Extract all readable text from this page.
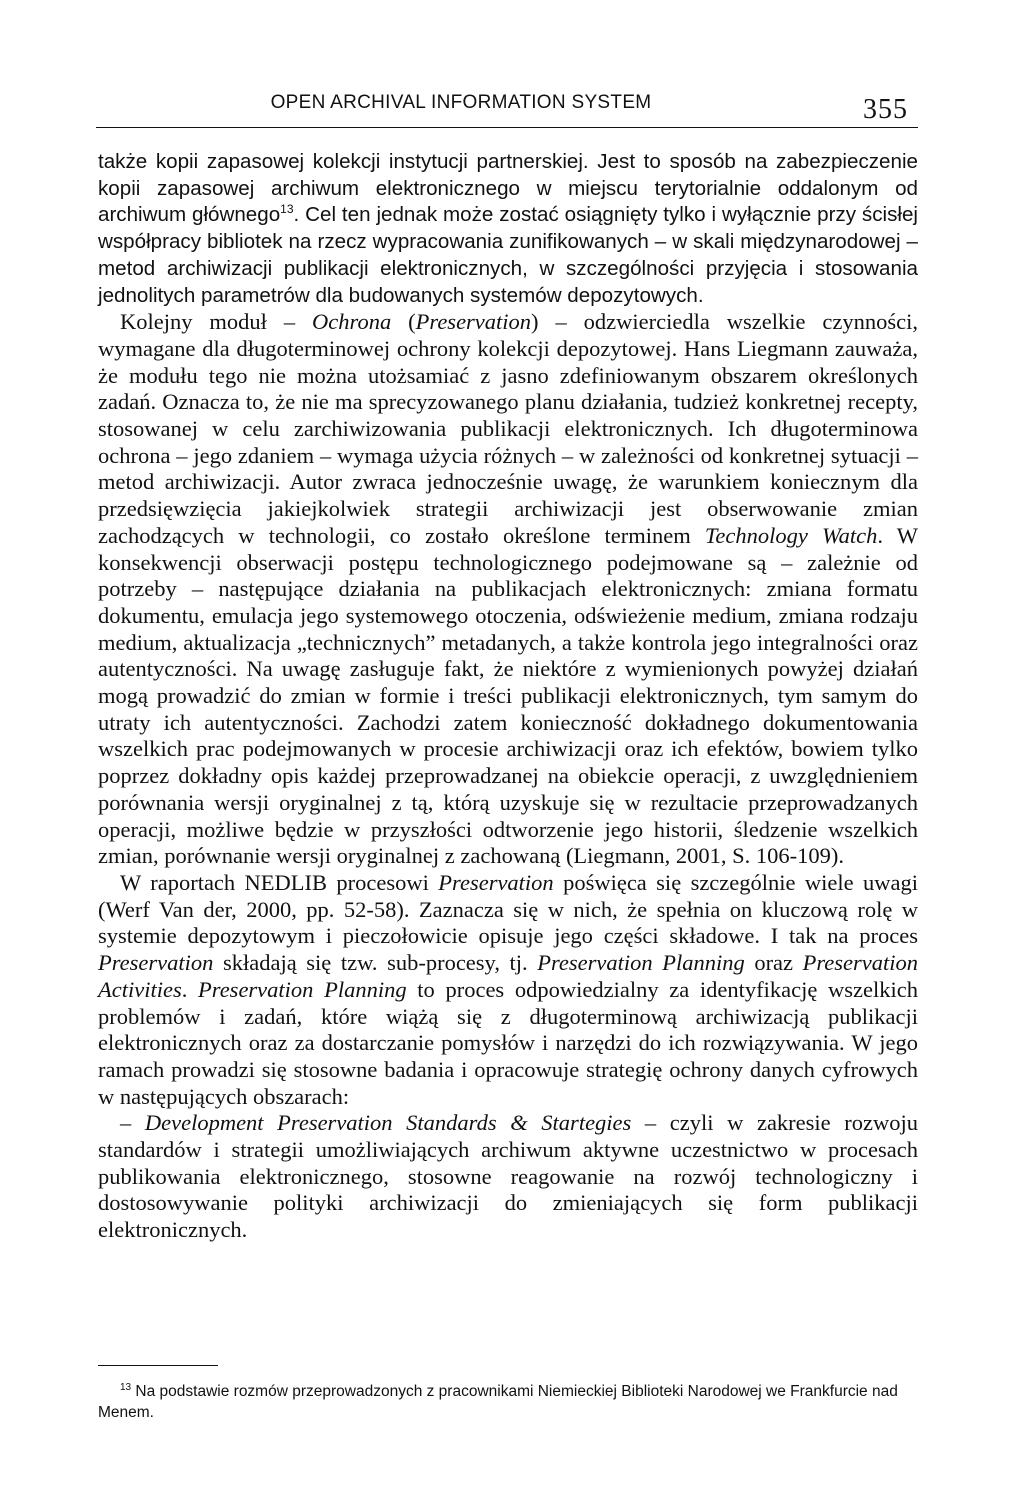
OPEN ARCHIVAL INFORMATION SYSTEM	355

także kopii zapasowej kolekcji instytucji partnerskiej. Jest to sposób na zabezpieczenie kopii zapasowej archiwum elektronicznego w miejscu terytorialnie oddalonym od archiwum głównego$^{13}$. Cel ten jednak może zostać osiągnięty tylko i wyłącznie przy ścisłej współpracy bibliotek na rzecz wypracowania zunifikowanych – w skali międzynarodowej – metod archiwizacji publikacji elektronicznych, w szczególności przyjęcia i stosowania jednolitych parametrów dla budowanych systemów depozytowych.

Kolejny moduł – Ochrona (Preservation) – odzwierciedla wszelkie czynności, wymagane dla długoterminowej ochrony kolekcji depozytowej. Hans Liegmann zauważa, że modułu tego nie można utożsamiać z jasno zdefiniowanym obszarem określonych zadań. Oznacza to, że nie ma sprecyzowanego planu działania, tudzież konkretnej recepty, stosowanej w celu zarchiwizowania publikacji elektronicznych. Ich długoterminowa ochrona – jego zdaniem – wymaga użycia różnych – w zależności od konkretnej sytuacji – metod archiwizacji. Autor zwraca jednocześnie uwagę, że warunkiem koniecznym dla przedsięwzięcia jakiejkolwiek strategii archiwizacji jest obserwowanie zmian zachodzących w technologii, co zostało określone terminem Technology Watch. W konsekwencji obserwacji postępu technologicznego podejmowane są – zależnie od potrzeby – następujące działania na publikacjach elektronicznych: zmiana formatu dokumentu, emulacja jego systemowego otoczenia, odświeżenie medium, zmiana rodzaju medium, aktualizacja „technicznych” metadanych, a także kontrola jego integralności oraz autentyczności. Na uwagę zasługuje fakt, że niektóre z wymienionych powyżej działań mogą prowadzić do zmian w formie i treści publikacji elektronicznych, tym samym do utraty ich autentyczności. Zachodzi zatem konieczność dokładnego dokumentowania wszelkich prac podejmowanych w procesie archiwizacji oraz ich efektów, bowiem tylko poprzez dokładny opis każdej przeprowadzanej na obiekcie operacji, z uwzględnieniem porównania wersji oryginalnej z tą, którą uzyskuje się w rezultacie przeprowadzanych operacji, możliwe będzie w przyszłości odtworzenie jego historii, śledzenie wszelkich zmian, porównanie wersji oryginalnej z zachowaną (Liegmann, 2001, S. 106-109).

W raportach NEDLIB procesowi Preservation poświęca się szczególnie wiele uwagi (Werf Van der, 2000, pp. 52-58). Zaznacza się w nich, że spełnia on kluczową rolę w systemie depozytowym i pieczołowicie opisuje jego części składowe. I tak na proces Preservation składają się tzw. sub-procesy, tj. Preservation Planning oraz Preservation Activities. Preservation Planning to proces odpowiedzialny za identyfikację wszelkich problemów i zadań, które wiążą się z długoterminową archiwizacją publikacji elektronicznych oraz za dostarczanie pomysłów i narzędzi do ich rozwiązywania. W jego ramach prowadzi się stosowne badania i opracowuje strategię ochrony danych cyfrowych w następujących obszarach:

– Development Preservation Standards & Startegies – czyli w zakresie rozwoju standardów i strategii umożliwiających archiwum aktywne uczestnictwo w procesach publikowania elektronicznego, stosowne reagowanie na rozwój technologiczny i dostosowywanie polityki archiwizacji do zmieniających się form publikacji elektronicznych.

$^{13}$ Na podstawie rozmów przeprowadzonych z pracownikami Niemieckiej Biblioteki Narodowej we Frankfurcie nad Menem.
